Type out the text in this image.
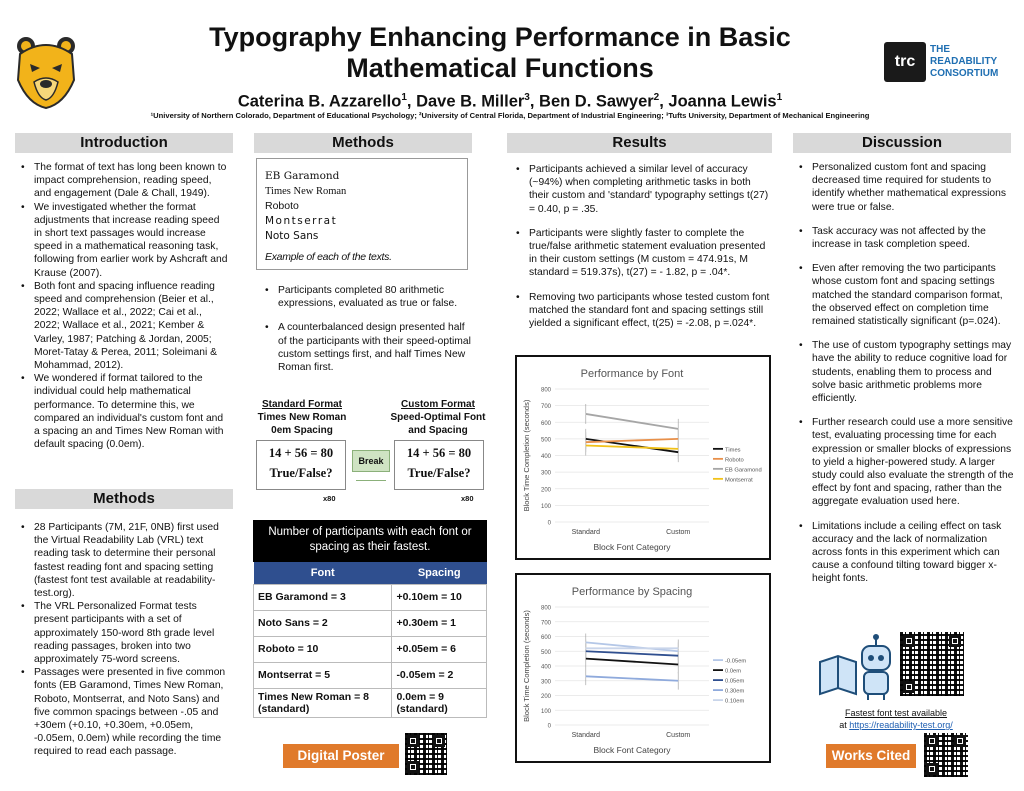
Typography Enhancing Performance in Basic
Mathematical Functions
Caterina B. Azzarello$^1$, Dave B. Miller$^3$, Ben D. Sawyer$^2$, Joanna Lewis$^1$
¹University of Northern Colorado, Department of Educational Psychology; ²University of Central Florida, Department of Industrial Engineering; ³Tufts University, Department of Mechanical Engineering
trc
THE
READABILITY
CONSORTIUM
Introduction
• The format of text has long been known to impact comprehension, reading speed, and engagement (Dale & Chall, 1949).
• We investigated whether the format adjustments that increase reading speed in short text passages would increase speed in a mathematical reasoning task, following from earlier work by Ashcraft and Krause (2007).
• Both font and spacing influence reading speed and comprehension (Beier et al., 2022; Wallace et al., 2022; Cai et al., 2022; Wallace et al., 2021; Kember & Varley, 1987; Patching & Jordan, 2005; Moret-Tatay & Perea, 2011; Soleimani & Mohammad, 2012).
• We wondered if format tailored to the individual could help mathematical performance. To determine this, we compared an individual's custom font and a spacing an and Times New Roman with default spacing (0.0em).
Methods
• 28 Participants (7M, 21F, 0NB) first used the Virtual Readability Lab (VRL) text reading task to determine their personal fastest reading font and spacing setting (fastest font test available at readability-test.org).
• The VRL Personalized Format tests present participants with a set of approximately 150-word 8th grade level reading passages, broken into two approximately 75-word screens.
• Passages were presented in five common fonts (EB Garamond, Times New Roman, Roboto, Montserrat, and Noto Sans) and five common spacings between -.05 and +30em (+0.10, +0.30em, +0.05em, -0.05em, 0.0em) while recording the time required to read each passage.
Methods
EB Garamond
Times New Roman
Roboto
Montserrat
Noto Sans
Example of each of the texts.
• Participants completed 80 arithmetic expressions, evaluated as true or false.
• A counterbalanced design presented half of the participants with their speed-optimal custom settings first, and half Times New Roman first.
Standard Format
Times New Roman
0em Spacing
14 + 56 = 80
True/False?
x80
Break
Custom Format
Speed-Optimal Font
and Spacing
14 + 56 = 80
True/False?
x80
Number of participants with each font or spacing as their fastest.
Font	Spacing
EB Garamond = 3	+0.10em = 10
Noto Sans = 2	+0.30em = 1
Roboto = 10	+0.05em = 6
Montserrat = 5	-0.05em = 2
Times New Roman = 8 (standard)	0.0em = 9 (standard)
Digital Poster
Results
• Participants achieved a similar level of accuracy (~94%) when completing arithmetic tasks in both their custom and 'standard' typography settings t(27) = 0.40, p = .35.
• Participants were slightly faster to complete the true/false arithmetic statement evaluation presented in their custom settings (M custom = 474.91s, M standard = 519.37s), t(27) = - 1.82, p = .04*.
• Removing two participants whose tested custom font matched the standard font and spacing settings still yielded a significant effect, t(25) = -2.08, p =.024*.
Performance by Font
0
100
200
300
400
500
600
700
800
Standard	Custom
Block Font Category
Block Time Completion (seconds)	Times
Roboto
EB Garamond
Montserrat
Performance by Spacing
0
100
200
300
400
500
600
700
800
Standard	Custom
Block Font Category
Block Time Completion (seconds)	-0.05em
0.0em
0.05em
0.30em
0.10em
Discussion
• Personalized custom font and spacing decreased time required for students to identify whether mathematical expressions were true or false.
• Task accuracy was not affected by the increase in task completion speed.
• Even after removing the two participants whose custom font and spacing settings matched the standard comparison format, the observed effect on completion time remained statistically significant (p=.024).
• The use of custom typography settings may have the ability to reduce cognitive load for students, enabling them to process and solve basic arithmetic problems more efficiently.
• Further research could use a more sensitive test, evaluating processing time for each expression or smaller blocks of expressions to yield a higher-powered study. A larger study could also evaluate the strength of the effect by font and spacing, rather than the aggregate evaluation used here.
• Limitations include a ceiling effect on task accuracy and the lack of normalization across fonts in this experiment which can cause a confound tilting toward bigger x-height fonts.
Fastest font test available
at https://readability-test.org/
Works Cited
